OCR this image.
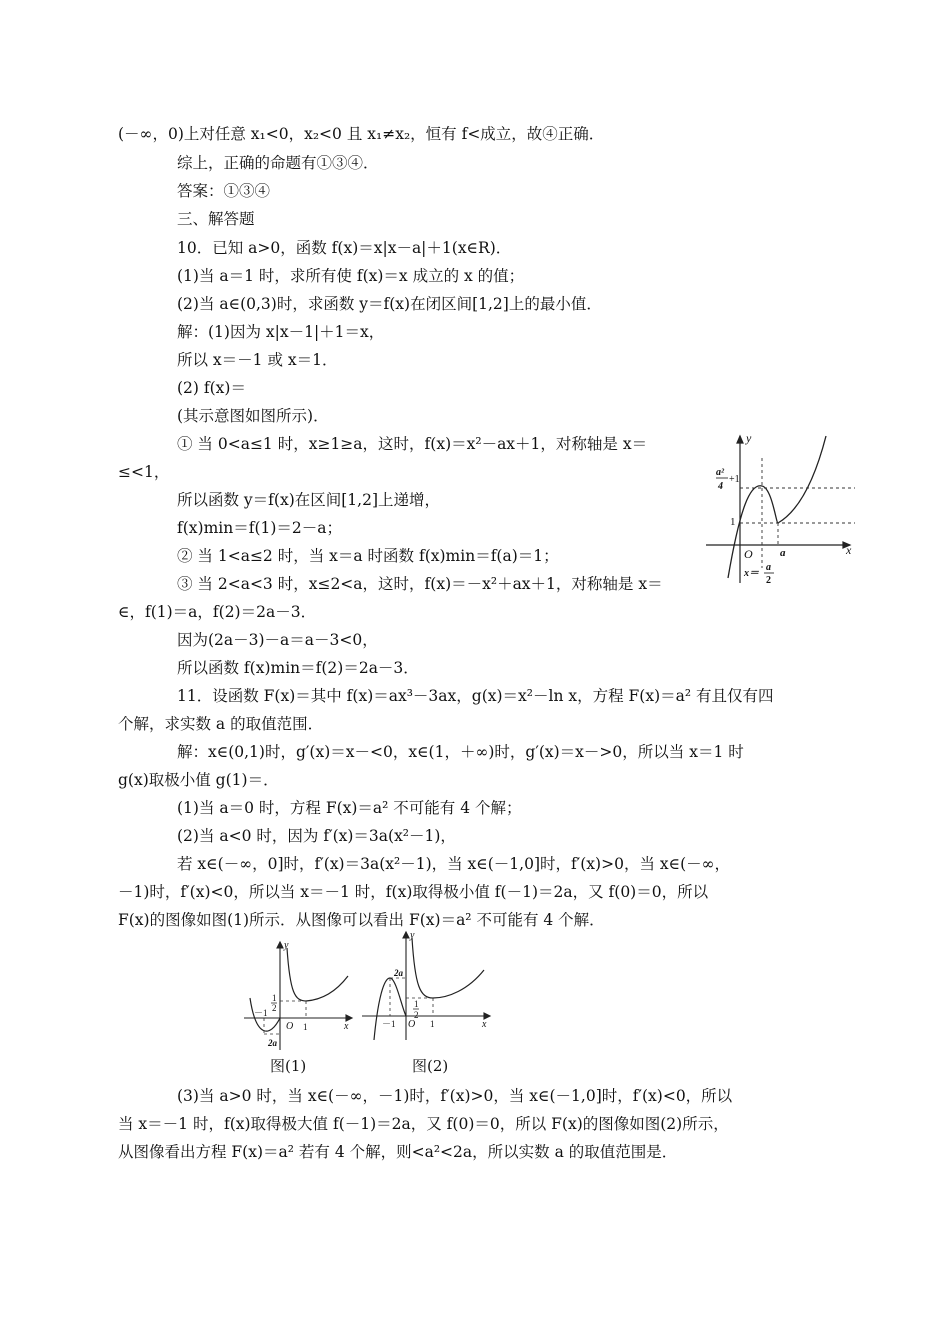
(－∞，0)上对任意 x₁<0，x₂<0 且 x₁≠x₂，恒有 f<成立，故④正确．
综上，正确的命题有①③④．
答案：①③④
三、解答题
10．已知 a>0，函数 f(x)＝x|x－a|＋1(x∈R)．
(1)当 a＝1 时，求所有使 f(x)＝x 成立的 x 的值；
(2)当 a∈(0,3)时，求函数 y＝f(x)在闭区间[1,2]上的最小值．
解：(1)因为 x|x－1|＋1＝x，
所以 x＝－1 或 x＝1．
(2) f(x)＝
(其示意图如图所示)．
① 当 0<a≤1 时，x≥1≥a，这时，f(x)＝x²－ax＋1，对称轴是 x＝
≤<1，
所以函数 y＝f(x)在区间[1,2]上递增，
f(x)min＝f(1)＝2－a；
② 当 1<a≤2 时，当 x＝a 时函数 f(x)min＝f(a)＝1；
③ 当 2<a<3 时，x≤2<a，这时，f(x)＝－x²＋ax＋1，对称轴是 x＝
∈，f(1)＝a，f(2)＝2a－3．
因为(2a－3)－a＝a－3<0，
所以函数 f(x)min＝f(2)＝2a－3．
11．设函数 F(x)＝其中 f(x)＝ax³－3ax，g(x)＝x²－ln x，方程 F(x)＝a² 有且仅有四
个解，求实数 a 的取值范围．
解：x∈(0,1)时，g′(x)＝x－<0，x∈(1，＋∞)时，g′(x)＝x－>0，所以当 x＝1 时
g(x)取极小值 g(1)＝．
(1)当 a＝0 时，方程 F(x)＝a² 不可能有 4 个解；
(2)当 a<0 时，因为 f′(x)＝3a(x²－1)，
若 x∈(－∞，0]时，f′(x)＝3a(x²－1)，当 x∈(－1,0]时，f′(x)>0，当 x∈(－∞，
－1)时，f′(x)<0，所以当 x＝－1 时，f(x)取得极小值 f(－1)＝2a，又 f(0)＝0，所以
F(x)的图像如图(1)所示．从图像可以看出 F(x)＝a² 不可能有 4 个解．
(3)当 a>0 时，当 x∈(－∞，－1)时，f′(x)>0，当 x∈(－1,0]时，f′(x)<0，所以
当 x＝－1 时，f(x)取得极大值 f(－1)＝2a，又 f(0)＝0，所以 F(x)的图像如图(2)所示，
从图像看出方程 F(x)＝a² 若有 4 个解，则<a²<2a，所以实数 a 的取值范围是．
y
x
O
a²
4
+1
1
a
x＝
a
2
y
x
O
－1
1
2
1
2a
图(1)
y
x
O
－1
1
2
1
2a
图(2)
